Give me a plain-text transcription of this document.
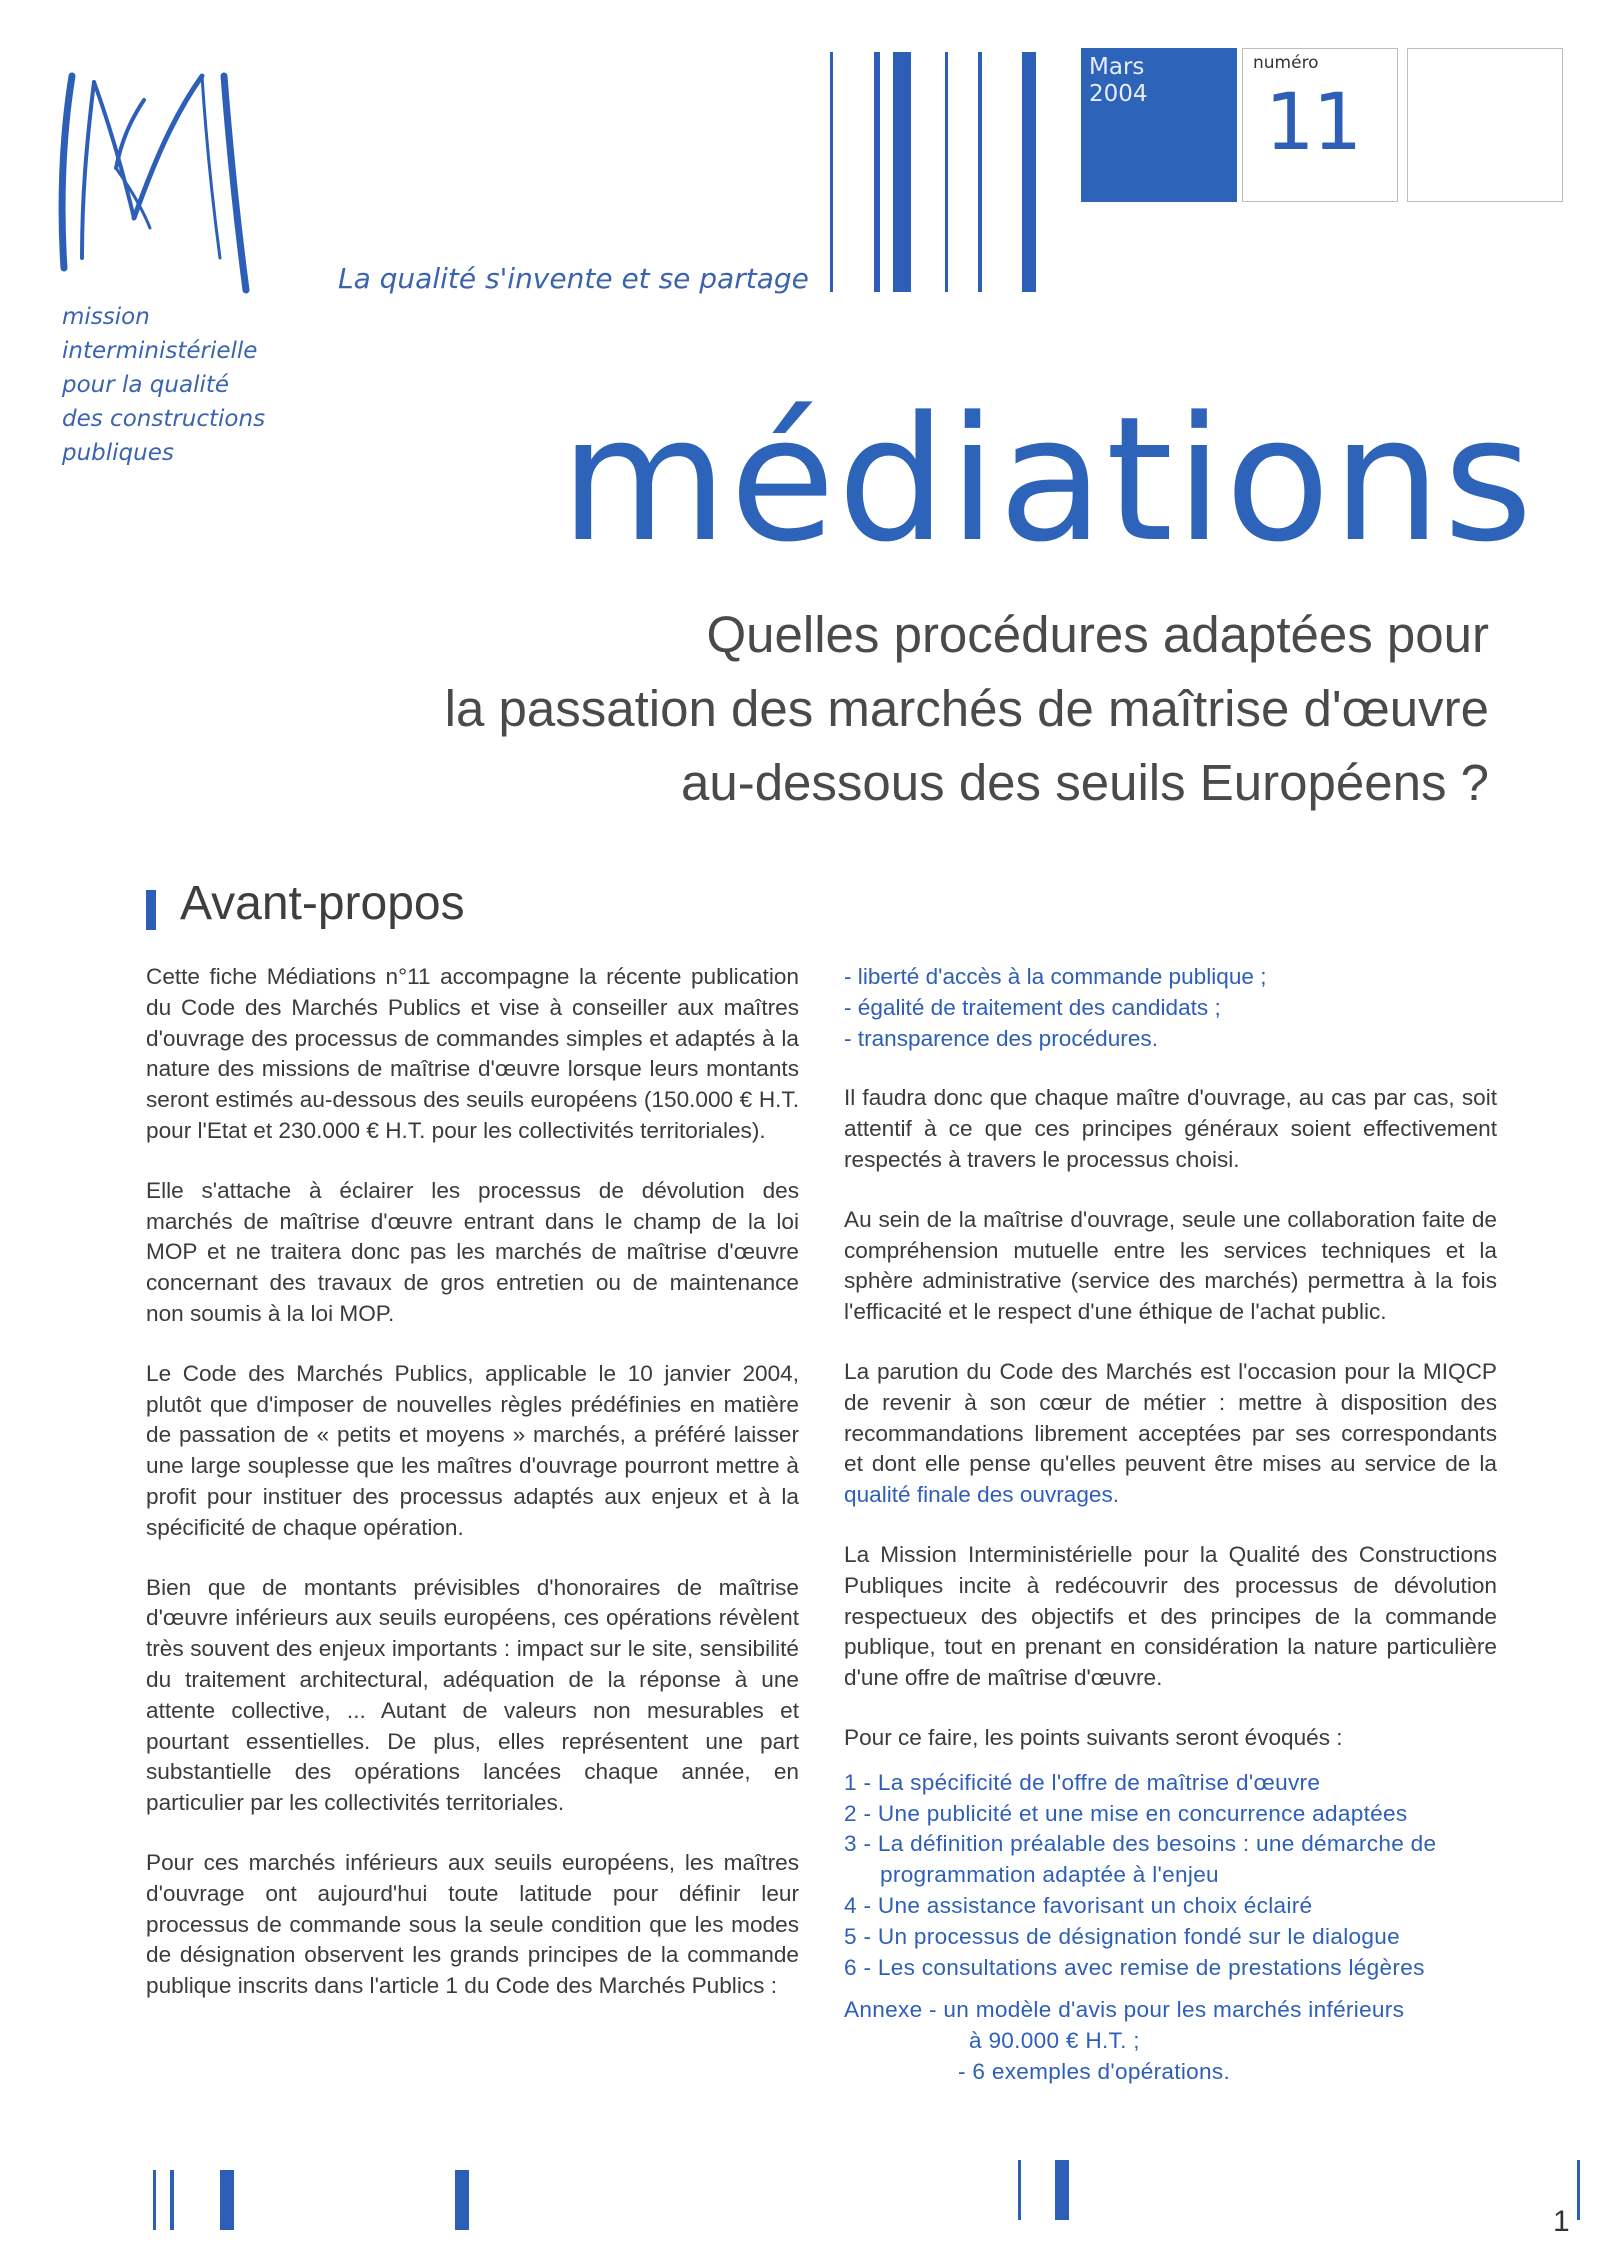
mission
interministérielle
pour la qualité
des constructions
publiques
La qualité s'invente et se partage
Mars
2004
numéro
11
médiations
Quelles procédures adaptées pour
la passation des marchés de maîtrise d'œuvre
au-dessous des seuils Européens ?
Avant-propos

Cette fiche Médiations n°11 accompagne la récente publication du Code des Marchés Publics et vise à conseiller aux maîtres d'ouvrage des processus de commandes simples et adaptés à la nature des missions de maîtrise d'œuvre lorsque leurs montants seront estimés au-dessous des seuils européens (150.000 € H.T. pour l'Etat et 230.000 € H.T. pour les collectivités territoriales).

Elle s'attache à éclairer les processus de dévolution des marchés de maîtrise d'œuvre entrant dans le champ de la loi MOP et ne traitera donc pas les marchés de maîtrise d'œuvre concernant des travaux de gros entretien ou de maintenance non soumis à la loi MOP.

Le Code des Marchés Publics, applicable le 10 janvier 2004, plutôt que d'imposer de nouvelles règles prédéfinies en matière de passation de « petits et moyens » marchés, a préféré laisser une large souplesse que les maîtres d'ouvrage pourront mettre à profit pour instituer des processus adaptés aux enjeux et à la spécificité de chaque opération.

Bien que de montants prévisibles d'honoraires de maîtrise d'œuvre inférieurs aux seuils européens, ces opérations révèlent très souvent des enjeux importants : impact sur le site, sensibilité du traitement architectural, adéquation de la réponse à une attente collective, ... Autant de valeurs non mesurables et pourtant essentielles. De plus, elles représentent une part substantielle des opérations lancées chaque année, en particulier par les collectivités territoriales.

Pour ces marchés inférieurs aux seuils européens, les maîtres d'ouvrage ont aujourd'hui toute latitude pour définir leur processus de commande sous la seule condition que les modes de désignation observent les grands principes de la commande publique inscrits dans l'article 1 du Code des Marchés Publics :

- liberté d'accès à la commande publique ;
- égalité de traitement des candidats ;
- transparence des procédures.

Il faudra donc que chaque maître d'ouvrage, au cas par cas, soit attentif à ce que ces principes généraux soient effectivement respectés à travers le processus choisi.

Au sein de la maîtrise d'ouvrage, seule une collaboration faite de compréhension mutuelle entre les services techniques et la sphère administrative (service des marchés) permettra à la fois l'efficacité et le respect d'une éthique de l'achat public.

La parution du Code des Marchés est l'occasion pour la MIQCP de revenir à son cœur de métier : mettre à disposition des recommandations librement acceptées par ses correspondants et dont elle pense qu'elles peuvent être mises au service de la qualité finale des ouvrages.

La Mission Interministérielle pour la Qualité des Constructions Publiques incite à redécouvrir des processus de dévolution respectueux des objectifs et des principes de la commande publique, tout en prenant en considération la nature particulière d'une offre de maîtrise d'œuvre.

Pour ce faire, les points suivants seront évoqués :

1 - La spécificité de l'offre de maîtrise d'œuvre
2 - Une publicité et une mise en concurrence adaptées
3 - La définition préalable des besoins : une démarche de programmation adaptée à l'enjeu
4 - Une assistance favorisant un choix éclairé
5 - Un processus de désignation fondé sur le dialogue
6 - Les consultations avec remise de prestations légères
Annexe - un modèle d'avis pour les marchés inférieurs
à 90.000 € H.T. ;
- 6 exemples d'opérations.
1
